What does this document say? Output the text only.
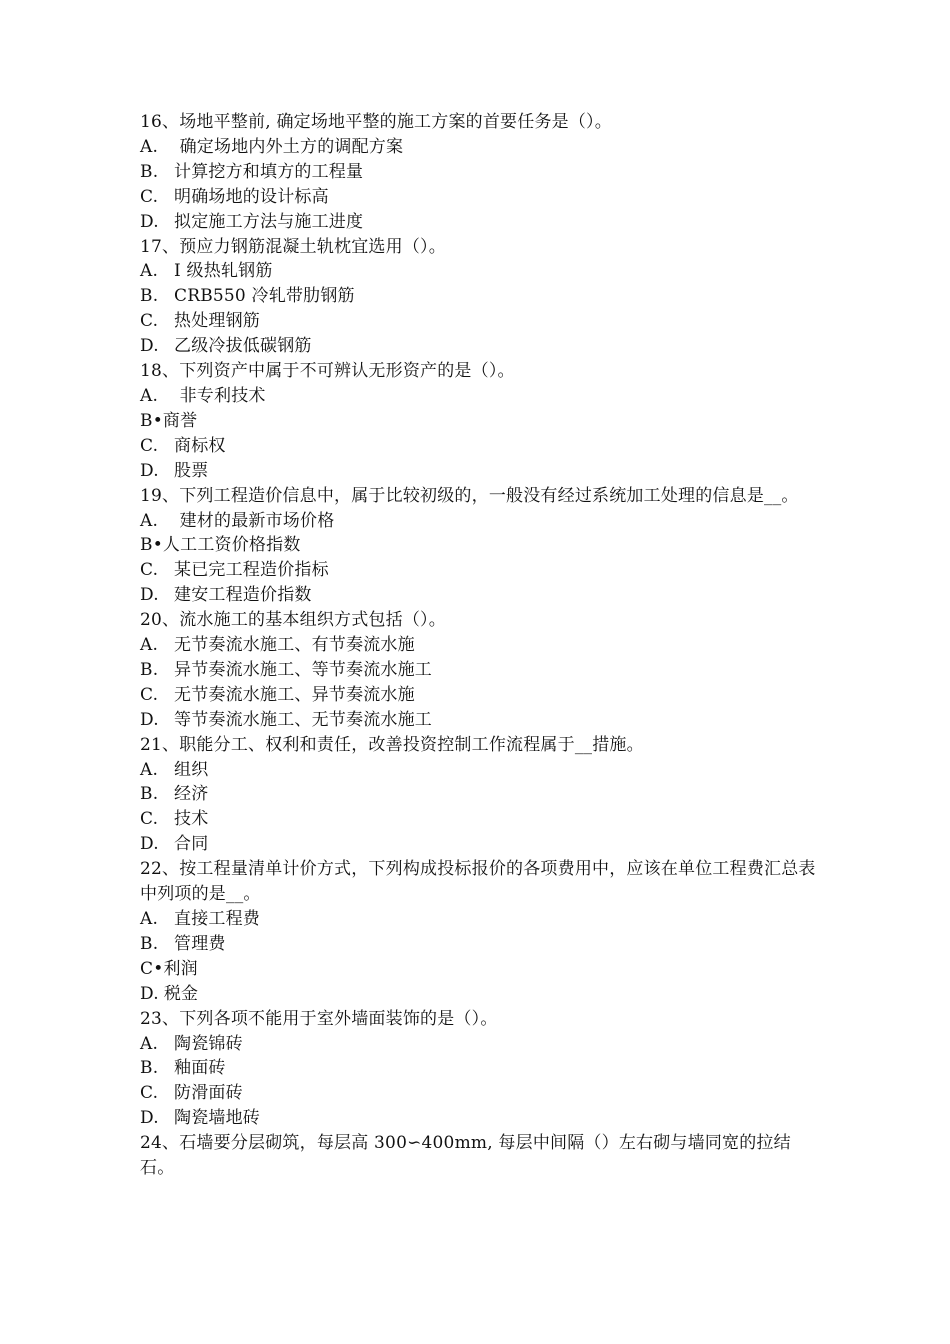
16、场地平整前, 确定场地平整的施工方案的首要任务是（）。
A. 确定场地内外土方的调配方案
B. 计算挖方和填方的工程量
C. 明确场地的设计标高
D. 拟定施工方法与施工进度
17、预应力钢筋混凝土轨枕宜选用（）。
A. I 级热轧钢筋
B. CRB550 冷轧带肋钢筋
C. 热处理钢筋
D. 乙级冷拔低碳钢筋
18、下列资产中属于不可辨认无形资产的是（）。
A. 非专利技术
B•商誉
C. 商标权
D. 股票
19、下列工程造价信息中，属于比较初级的，一般没有经过系统加工处理的信息是__。
A. 建材的最新市场价格
B•人工工资价格指数
C. 某已完工程造价指标
D. 建安工程造价指数
20、流水施工的基本组织方式包括（）。
A. 无节奏流水施工、有节奏流水施
B. 异节奏流水施工、等节奏流水施工
C. 无节奏流水施工、异节奏流水施
D. 等节奏流水施工、无节奏流水施工
21、职能分工、权利和责任，改善投资控制工作流程属于__措施。
A. 组织
B. 经济
C. 技术
D. 合同
22、按工程量清单计价方式，下列构成投标报价的各项费用中，应该在单位工程费汇总表中列项的是__。
A. 直接工程费
B. 管理费
C•利润
D. 税金
23、下列各项不能用于室外墙面装饰的是（）。
A. 陶瓷锦砖
B. 釉面砖
C. 防滑面砖
D. 陶瓷墙地砖
24、石墙要分层砌筑，每层高 300∽400mm, 每层中间隔（）左右砌与墙同宽的拉结石。
